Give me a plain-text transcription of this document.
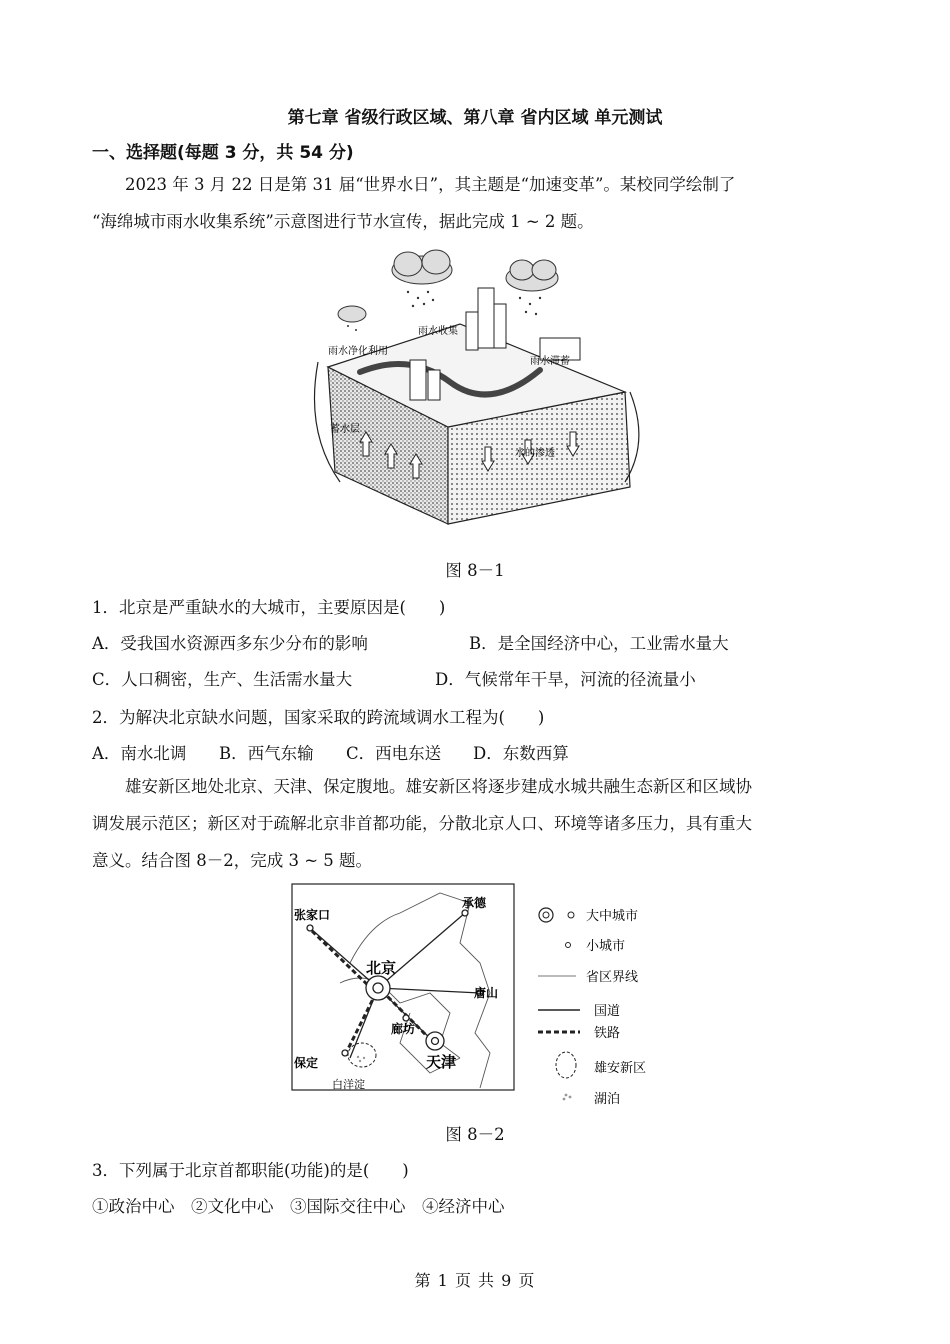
第七章 省级行政区域、第八章 省内区域 单元测试
一、选择题(每题 3 分，共 54 分)
2023 年 3 月 22 日是第 31 届“世界水日”，其主题是“加速变革”。某校同学绘制了
“海绵城市雨水收集系统”示意图进行节水宣传，据此完成 1 ~ 2 题。
雨水收集
雨水净化利用
雨水滞蓄
蓄水层
水的渗透
图 8－1
1．北京是严重缺水的大城市，主要原因是(　　)
A．受我国水资源西多东少分布的影响	B．是全国经济中心，工业需水量大
C．人口稠密，生产、生活需水量大	D．气候常年干旱，河流的径流量小
2．为解决北京缺水问题，国家采取的跨流域调水工程为(　　)
A．南水北调 B．西气东输 C．西电东送 D．东数西算
雄安新区地处北京、天津、保定腹地。雄安新区将逐步建成水城共融生态新区和区域协
调发展示范区；新区对于疏解北京非首都功能，分散北京人口、环境等诸多压力，具有重大
意义。结合图 8－2，完成 3 ~ 5 题。
张家口
承德
北京
唐山
廊坊
天津
保定
白洋淀
大中城市
小城市
省区界线
国道
铁路
雄安新区
湖泊
图 8－2
3．下列属于北京首都职能(功能)的是(　　)
①政治中心　②文化中心　③国际交往中心　④经济中心
第 1 页 共 9 页
